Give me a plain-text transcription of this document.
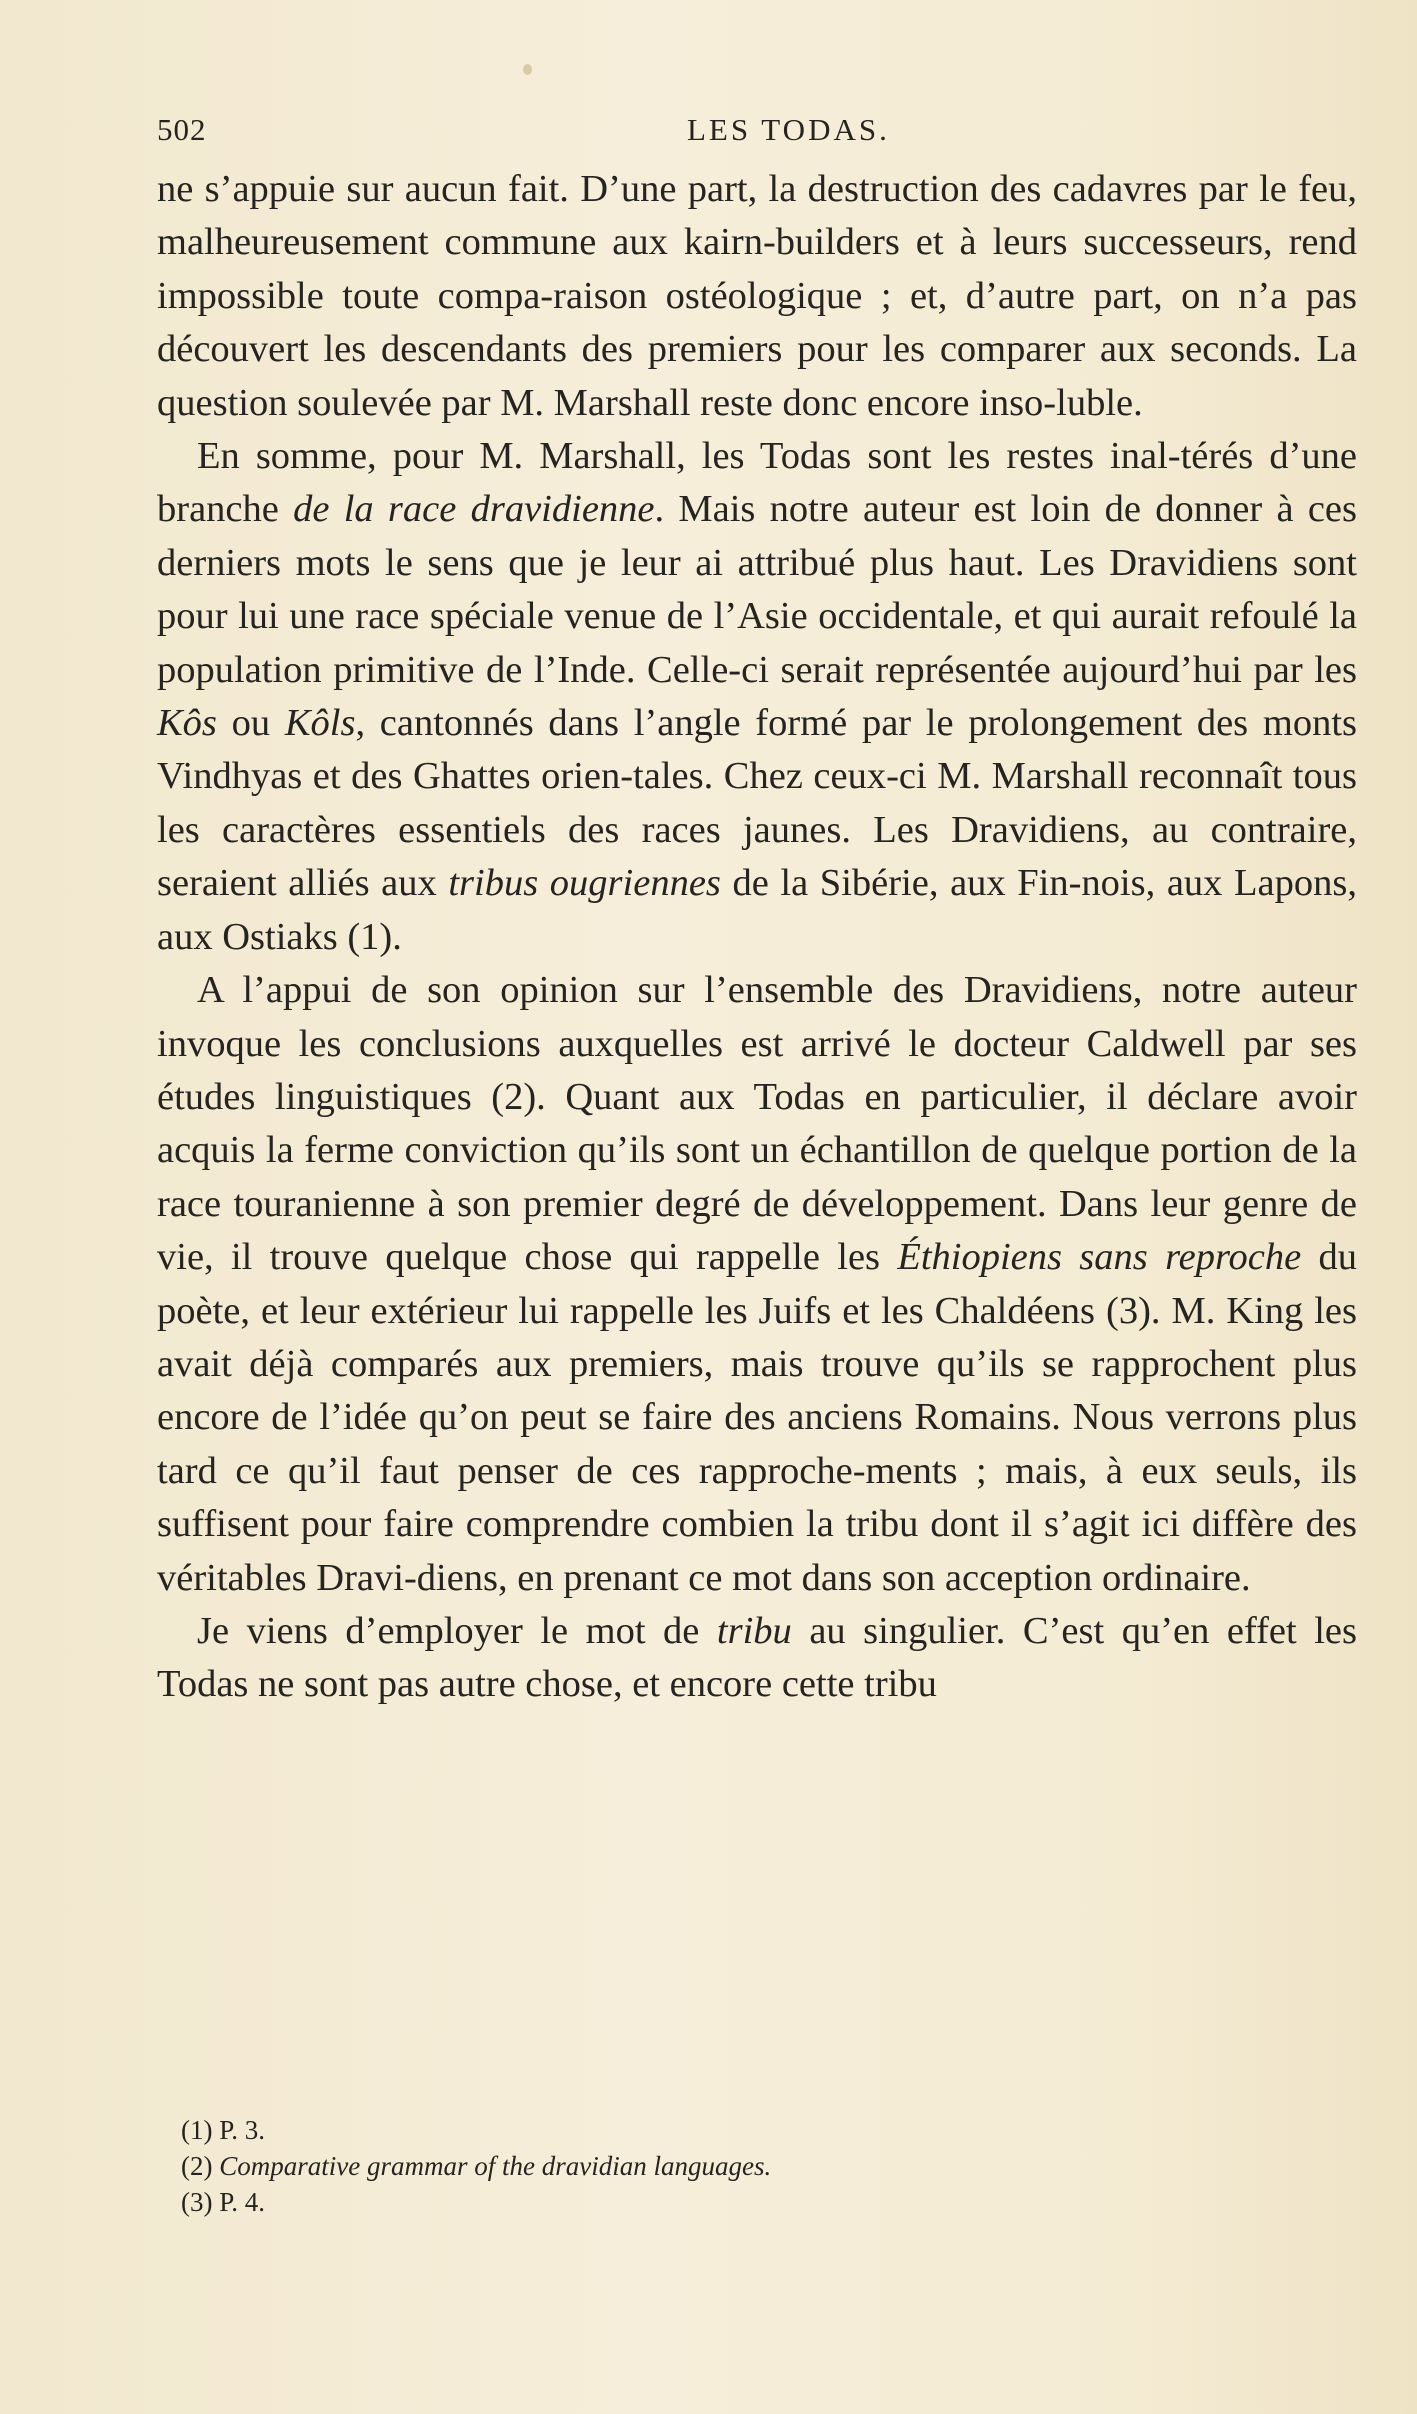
502	LES TODAS.

ne s’appuie sur aucun fait. D’une part, la destruction des cadavres par le feu, malheureusement commune aux kairn-builders et à leurs successeurs, rend impossible toute compa-raison ostéologique ; et, d’autre part, on n’a pas découvert les descendants des premiers pour les comparer aux seconds. La question soulevée par M. Marshall reste donc encore inso-luble.

En somme, pour M. Marshall, les Todas sont les restes inal-térés d’une branche de la race dravidienne. Mais notre auteur est loin de donner à ces derniers mots le sens que je leur ai attribué plus haut. Les Dravidiens sont pour lui une race spéciale venue de l’Asie occidentale, et qui aurait refoulé la population primitive de l’Inde. Celle-ci serait représentée aujourd’hui par les Kôs ou Kôls, cantonnés dans l’angle formé par le prolongement des monts Vindhyas et des Ghattes orien-tales. Chez ceux-ci M. Marshall reconnaît tous les caractères essentiels des races jaunes. Les Dravidiens, au contraire, seraient alliés aux tribus ougriennes de la Sibérie, aux Fin-nois, aux Lapons, aux Ostiaks (1).

A l’appui de son opinion sur l’ensemble des Dravidiens, notre auteur invoque les conclusions auxquelles est arrivé le docteur Caldwell par ses études linguistiques (2). Quant aux Todas en particulier, il déclare avoir acquis la ferme conviction qu’ils sont un échantillon de quelque portion de la race touranienne à son premier degré de développement. Dans leur genre de vie, il trouve quelque chose qui rappelle les Éthiopiens sans reproche du poète, et leur extérieur lui rappelle les Juifs et les Chaldéens (3). M. King les avait déjà comparés aux premiers, mais trouve qu’ils se rapprochent plus encore de l’idée qu’on peut se faire des anciens Romains. Nous verrons plus tard ce qu’il faut penser de ces rapproche-ments ; mais, à eux seuls, ils suffisent pour faire comprendre combien la tribu dont il s’agit ici diffère des véritables Dravi-diens, en prenant ce mot dans son acception ordinaire.

Je viens d’employer le mot de tribu au singulier. C’est qu’en effet les Todas ne sont pas autre chose, et encore cette tribu

(1) P. 3.
(2) Comparative grammar of the dravidian languages.
(3) P. 4.
